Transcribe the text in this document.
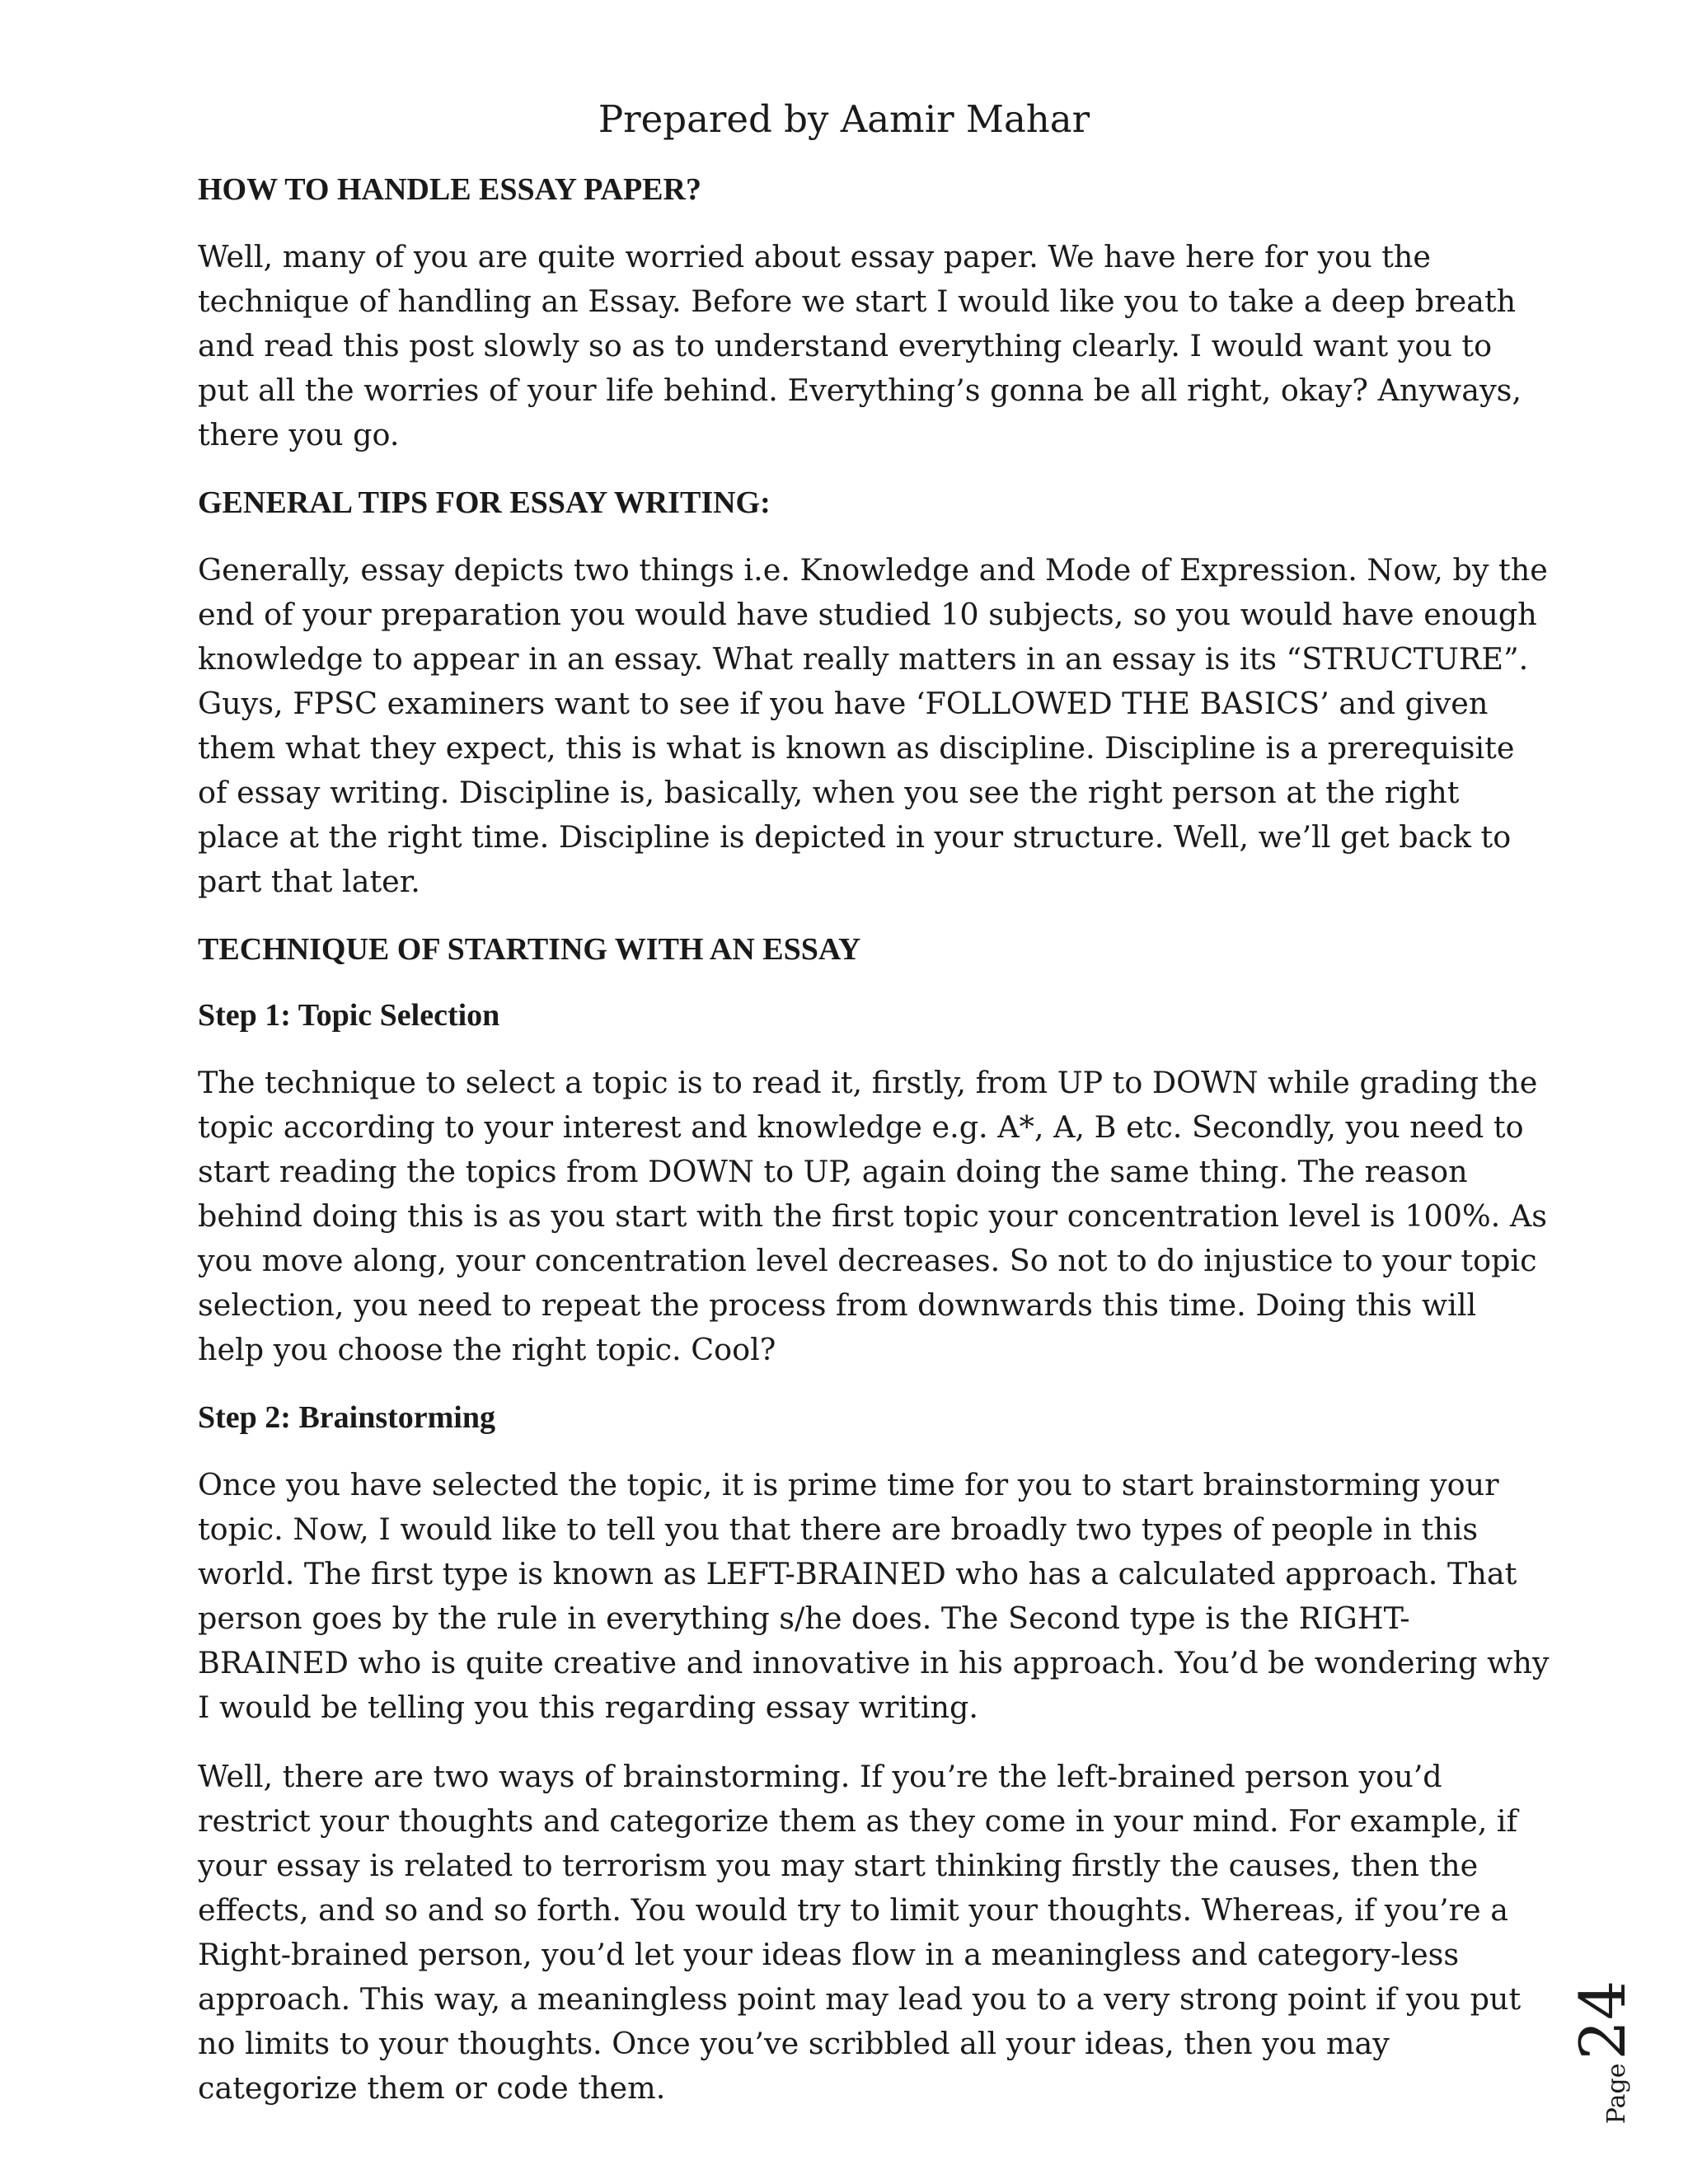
Prepared by Aamir Mahar
HOW TO HANDLE ESSAY PAPER?

Well, many of you are quite worried about essay paper. We have here for you the technique of handling an Essay. Before we start I would like you to take a deep breath and read this post slowly so as to understand everything clearly. I would want you to put all the worries of your life behind. Everything’s gonna be all right, okay? Anyways, there you go.

GENERAL TIPS FOR ESSAY WRITING:

Generally, essay depicts two things i.e. Knowledge and Mode of Expression. Now, by the end of your preparation you would have studied 10 subjects, so you would have enough knowledge to appear in an essay. What really matters in an essay is its “STRUCTURE”. Guys, FPSC examiners want to see if you have ‘FOLLOWED THE BASICS’ and given them what they expect, this is what is known as discipline. Discipline is a prerequisite of essay writing. Discipline is, basically, when you see the right person at the right place at the right time. Discipline is depicted in your structure. Well, we’ll get back to part that later.

TECHNIQUE OF STARTING WITH AN ESSAY
Step 1: Topic Selection

The technique to select a topic is to read it, firstly, from UP to DOWN while grading the topic according to your interest and knowledge e.g. A*, A, B etc. Secondly, you need to start reading the topics from DOWN to UP, again doing the same thing. The reason behind doing this is as you start with the first topic your concentration level is 100%. As you move along, your concentration level decreases. So not to do injustice to your topic selection, you need to repeat the process from downwards this time. Doing this will help you choose the right topic. Cool?

Step 2: Brainstorming

Once you have selected the topic, it is prime time for you to start brainstorming your topic. Now, I would like to tell you that there are broadly two types of people in this world. The first type is known as LEFT-BRAINED who has a calculated approach. That person goes by the rule in everything s/he does. The Second type is the RIGHT-BRAINED who is quite creative and innovative in his approach. You’d be wondering why I would be telling you this regarding essay writing.

Well, there are two ways of brainstorming. If you’re the left-brained person you’d restrict your thoughts and categorize them as they come in your mind. For example, if your essay is related to terrorism you may start thinking firstly the causes, then the effects, and so and so forth. You would try to limit your thoughts. Whereas, if you’re a Right-brained person, you’d let your ideas flow in a meaningless and category-less approach. This way, a meaningless point may lead you to a very strong point if you put no limits to your thoughts. Once you’ve scribbled all your ideas, then you may categorize them or code them.	Page
24
